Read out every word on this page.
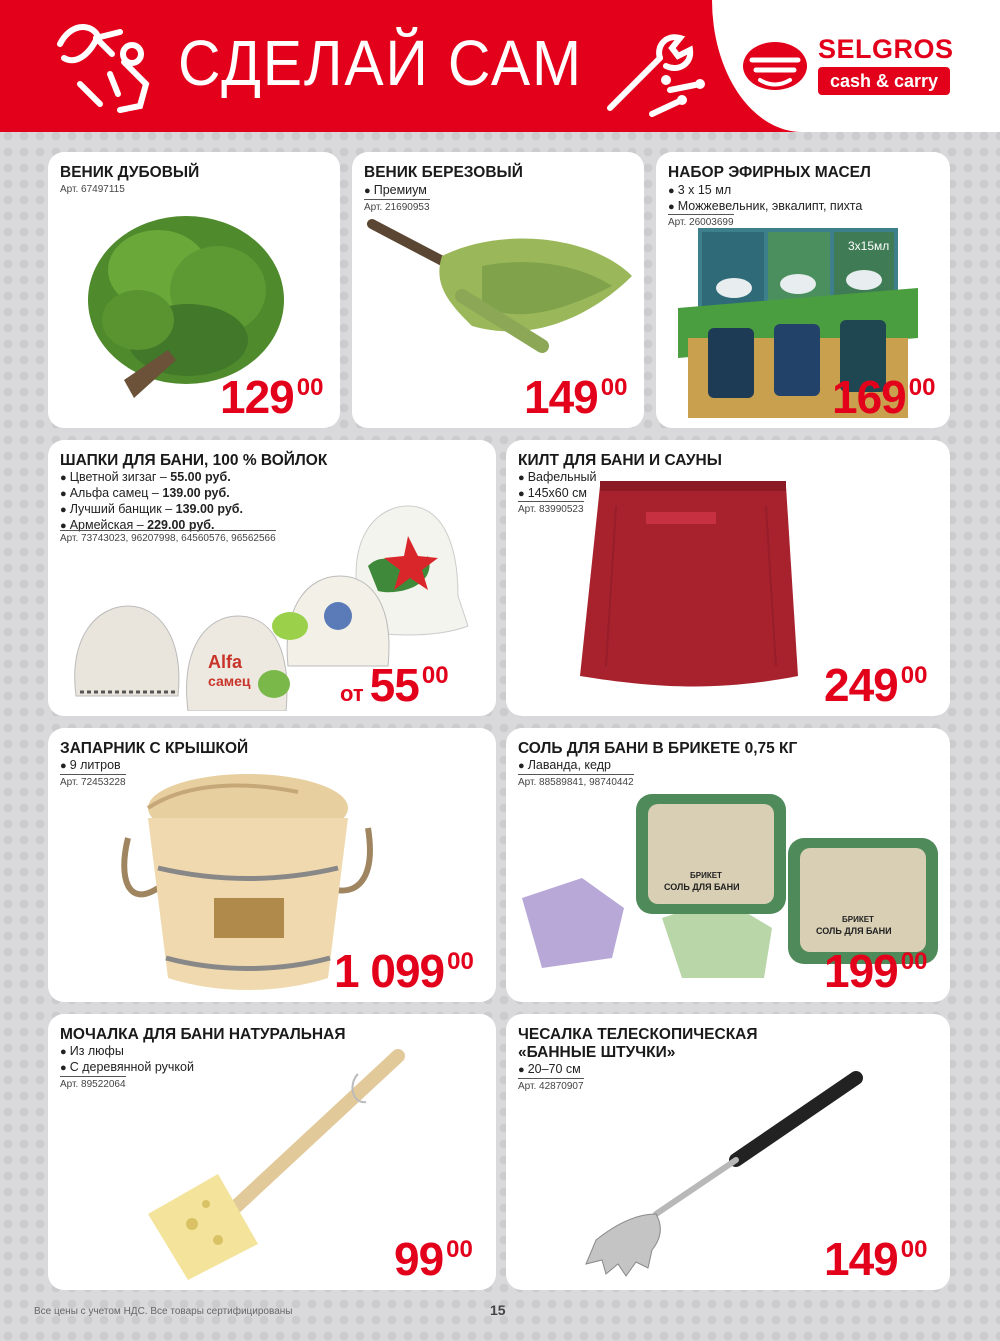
СДЕЛАЙ САМ	SELGROS
cash & carry
ВЕНИК ДУБОВЫЙ
Арт. 67497115
129 00
ВЕНИК БЕРЕЗОВЫЙ
● Премиум
Арт. 21690953
149 00
НАБОР ЭФИРНЫХ МАСЕЛ
● 3 х 15 мл
● Можжевельник, эвкалипт, пихта
Арт. 26003699
3x15мл
169 00
ШАПКИ ДЛЯ БАНИ, 100 % ВОЙЛОК
● Цветной зигзаг – 55.00 руб.
● Альфа самец – 139.00 руб.
● Лучший банщик – 139.00 руб.
● Армейская – 229.00 руб.
Арт. 73743023, 96207998, 64560576, 96562566
Alfa
самец	от 55 00
КИЛТ ДЛЯ БАНИ И САУНЫ
● Вафельный
● 145х60 см
Арт. 83990523
249 00
ЗАПАРНИК С КРЫШКОЙ
● 9 литров
Арт. 72453228
1 099 00
СОЛЬ ДЛЯ БАНИ В БРИКЕТЕ 0,75 КГ
● Лаванда, кедр
Арт. 88589841, 98740442
БРИКЕТ
СОЛЬ ДЛЯ БАНИ
БРИКЕТ
СОЛЬ ДЛЯ БАНИ
199 00
МОЧАЛКА ДЛЯ БАНИ НАТУРАЛЬНАЯ
● Из люфы
● С деревянной ручкой
Арт. 89522064
99 00
ЧЕСАЛКА ТЕЛЕСКОПИЧЕСКАЯ
«БАННЫЕ ШТУЧКИ»
● 20–70 см
Арт. 42870907
149 00
Все цены с учетом НДС. Все товары сертифицированы	15
